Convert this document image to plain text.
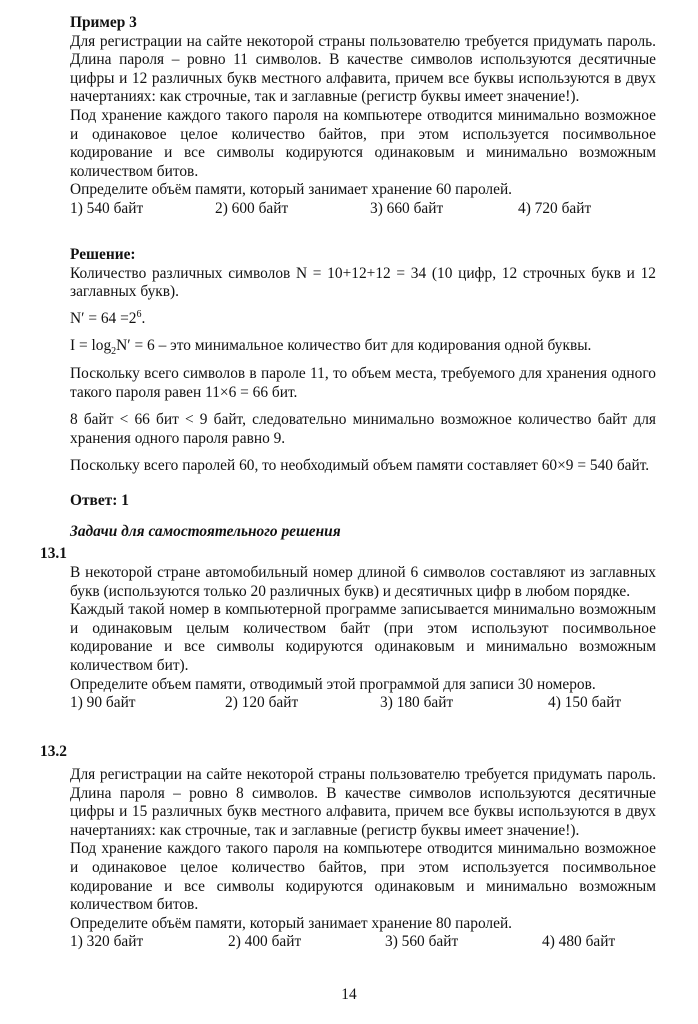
Пример 3

Для регистрации на сайте некоторой страны пользователю требуется придумать пароль. Длина пароля – ровно 11 символов. В качестве символов используются десятичные цифры и 12 различных букв местного алфавита, причем все буквы используются в двух начертаниях: как строчные, так и заглавные (регистр буквы имеет значение!).

Под хранение каждого такого пароля на компьютере отводится минимально возможное и одинаковое целое количество байтов, при этом используется посимвольное кодирование и все символы кодируются одинаковым и минимально возможным количеством битов.

Определите объём памяти, который занимает хранение 60 паролей.

1) 540 байт	2) 600 байт	3) 660 байт	4) 720 байт

Решение:

Количество различных символов N = 10+12+12 = 34 (10 цифр, 12 строчных букв и 12 заглавных букв).

$N' = 64 =2^6$.

$I = \log_2N' = 6$ – это минимальное количество бит для кодирования одной буквы.

Поскольку всего символов в пароле 11, то объем места, требуемого для хранения одного такого пароля равен 11×6 = 66 бит.

8 байт < 66 бит < 9 байт, следовательно минимально возможное количество байт для хранения одного пароля равно 9.

Поскольку всего паролей 60, то необходимый объем памяти составляет 60×9 = 540 байт.

Ответ: 1

Задачи для самостоятельного решения

13.1

В некоторой стране автомобильный номер длиной 6 символов составляют из заглавных букв (используются только 20 различных букв) и десятичных цифр в любом порядке.

Каждый такой номер в компьютерной программе записывается минимально возможным и одинаковым целым количеством байт (при этом используют посимвольное кодирование и все символы кодируются одинаковым и минимально возможным количеством бит).

Определите объем памяти, отводимый этой программой для записи 30 номеров.

1) 90 байт	2) 120 байт	3) 180 байт	4) 150 байт
13.2

Для регистрации на сайте некоторой страны пользователю требуется придумать пароль. Длина пароля – ровно 8 символов. В качестве символов используются десятичные цифры и 15 различных букв местного алфавита, причем все буквы используются в двух начертаниях: как строчные, так и заглавные (регистр буквы имеет значение!).

Под хранение каждого такого пароля на компьютере отводится минимально возможное и одинаковое целое количество байтов, при этом используется посимвольное кодирование и все символы кодируются одинаковым и минимально возможным количеством битов.

Определите объём памяти, который занимает хранение 80 паролей.

1) 320 байт	2) 400 байт	3) 560 байт	4) 480 байт
14
